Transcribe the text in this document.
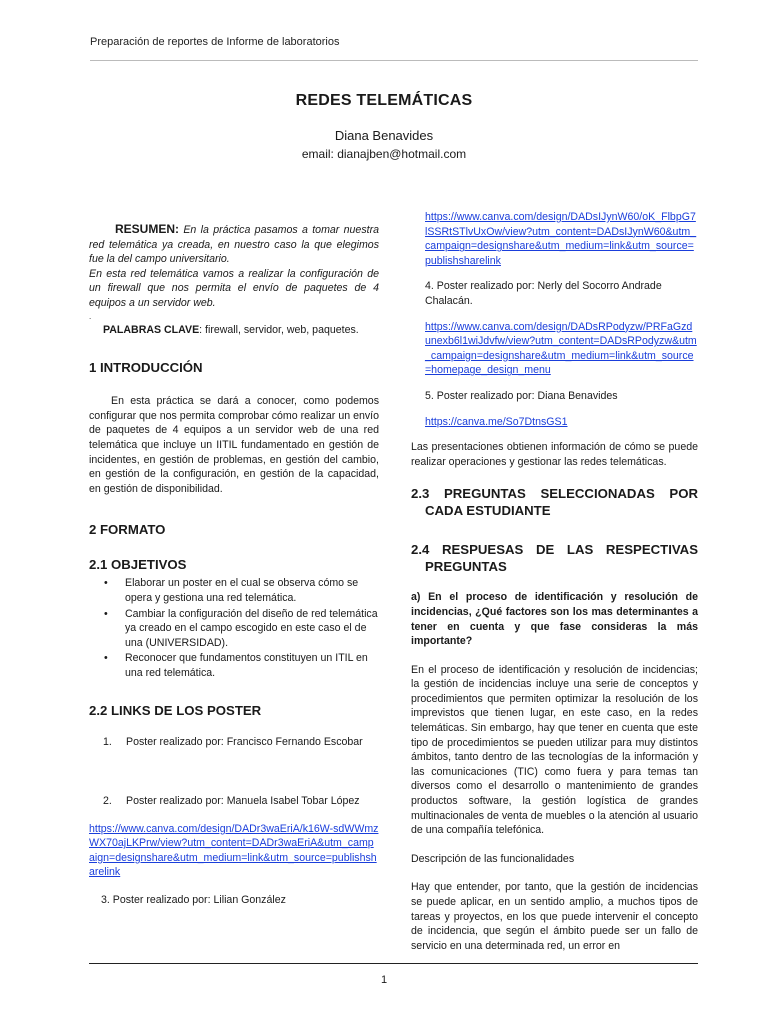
Preparación de reportes de Informe de laboratorios
.
REDES TELEMÁTICAS
Diana Benavides
email: dianajben@hotmail.com

RESUMEN: En la práctica pasamos a tomar nuestra red telemática ya creada, en nuestro caso la que elegimos fue la del campo universitario.
En esta red telemática vamos a realizar la configuración de un firewall que nos permita el envío de paquetes de 4 equipos a un servidor web.

.

PALABRAS CLAVE: firewall, servidor, web, paquetes.

1 INTRODUCCIÓN

En esta práctica se dará a conocer, como podemos configurar que nos permita comprobar cómo realizar un envío de paquetes de 4 equipos a un servidor web de una red telemática que incluye un IITIL fundamentado en gestión de incidentes, en gestión de problemas, en gestión del cambio, en gestión de la configuración, en gestión de la capacidad, en gestión de disponibilidad.

2 FORMATO
2.1 OBJETIVOS
• Elaborar un poster en el cual se observa cómo se opera y gestiona una red telemática.
• Cambiar la configuración del diseño de red telemática ya creado en el campo escogido en este caso el de una (UNIVERSIDAD).
• Reconocer que fundamentos constituyen un ITIL en una red telemática.
2.2 LINKS DE LOS POSTER
1. Poster realizado por: Francisco Fernando Escobar
2. Poster realizado por: Manuela Isabel Tobar López
https://www.canva.com/design/DADr3waEriA/k16W-sdWWmzWX70ajLKPrw/view?utm_content=DADr3waEriA&utm_campaign=designshare&utm_medium=link&utm_source=publishsharelink
3. Poster realizado por: Lilian González
https://www.canva.com/design/DADsIJynW60/oK_FlbpG7lSSRtSTlvUxOw/view?utm_content=DADsIJynW60&utm_campaign=designshare&utm_medium=link&utm_source=publishsharelink
4. Poster realizado por: Nerly del Socorro Andrade Chalacán.
https://www.canva.com/design/DADsRPodyzw/PRFaGzdunexb6l1wiJdvfw/view?utm_content=DADsRPodyzw&utm_campaign=designshare&utm_medium=link&utm_source=homepage_design_menu
5. Poster realizado por: Diana Benavides
https://canva.me/So7DtnsGS1

Las presentaciones obtienen información de cómo se puede realizar operaciones y gestionar las redes telemáticas.

2.3 PREGUNTAS SELECCIONADAS POR CADA ESTUDIANTE
2.4 RESPUESAS DE LAS RESPECTIVAS PREGUNTAS

a) En el proceso de identificación y resolución de incidencias, ¿Qué factores son los mas determinantes a tener en cuenta y que fase consideras la más importante?

En el proceso de identificación y resolución de incidencias; la gestión de incidencias incluye una serie de conceptos y procedimientos que permiten optimizar la resolución de los imprevistos que tienen lugar, en este caso, en la redes telemáticas. Sin embargo, hay que tener en cuenta que este tipo de procedimientos se pueden utilizar para muy distintos ámbitos, tanto dentro de las tecnologías de la información y las comunicaciones (TIC) como fuera y para temas tan diversos como el desarrollo o mantenimiento de grandes productos software, la gestión logística de grandes multinacionales de venta de muebles o la atención al usuario de una compañía telefónica.

Descripción de las funcionalidades

Hay que entender, por tanto, que la gestión de incidencias se puede aplicar, en un sentido amplio, a muchos tipos de tareas y proyectos, en los que puede intervenir el concepto de incidencia, que según el ámbito puede ser un fallo de servicio en una determinada red, un error en

1
